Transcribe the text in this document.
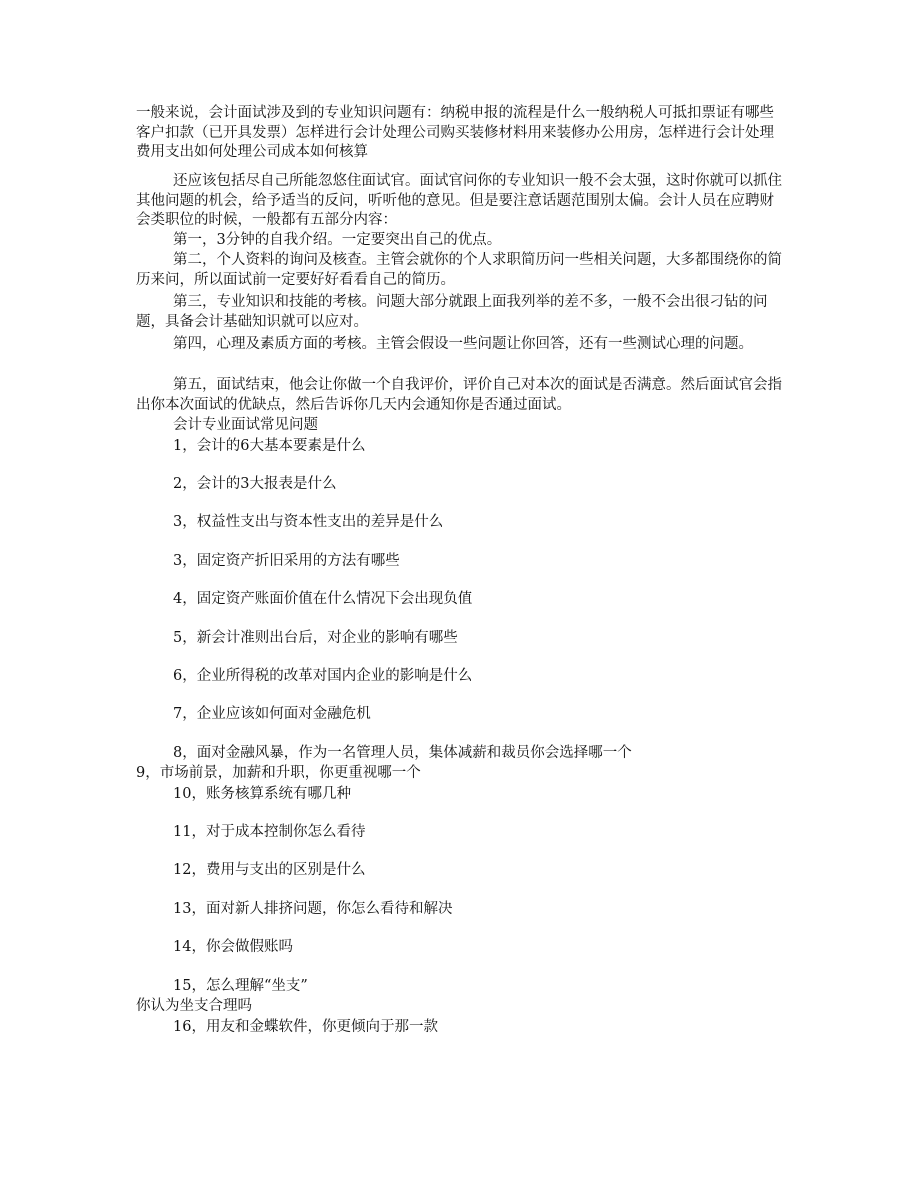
一般来说，会计面试涉及到的专业知识问题有：纳税申报的流程是什么一般纳税人可抵扣票证有哪些客户扣款（已开具发票）怎样进行会计处理公司购买装修材料用来装修办公用房，怎样进行会计处理费用支出如何处理公司成本如何核算
还应该包括尽自己所能忽悠住面试官。面试官问你的专业知识一般不会太强，这时你就可以抓住其他问题的机会，给予适当的反问，听听他的意见。但是要注意话题范围别太偏。会计人员在应聘财会类职位的时候，一般都有五部分内容：
第一，3分钟的自我介绍。一定要突出自己的优点。
第二，个人资料的询问及核查。主管会就你的个人求职简历问一些相关问题，大多都围绕你的简历来问，所以面试前一定要好好看看自己的简历。
第三，专业知识和技能的考核。问题大部分就跟上面我列举的差不多，一般不会出很刁钻的问题，具备会计基础知识就可以应对。
第四，心理及素质方面的考核。主管会假设一些问题让你回答，还有一些测试心理的问题。
第五，面试结束，他会让你做一个自我评价，评价自己对本次的面试是否满意。然后面试官会指出你本次面试的优缺点，然后告诉你几天内会通知你是否通过面试。
会计专业面试常见问题
1，会计的6大基本要素是什么
2，会计的3大报表是什么
3，权益性支出与资本性支出的差异是什么
3，固定资产折旧采用的方法有哪些
4，固定资产账面价值在什么情况下会出现负值
5，新会计准则出台后，对企业的影响有哪些
6，企业所得税的改革对国内企业的影响是什么
7，企业应该如何面对金融危机
8，面对金融风暴，作为一名管理人员，集体减薪和裁员你会选择哪一个
9，市场前景，加薪和升职，你更重视哪一个
10，账务核算系统有哪几种
11，对于成本控制你怎么看待
12，费用与支出的区别是什么
13，面对新人排挤问题，你怎么看待和解决
14，你会做假账吗
15，怎么理解“坐支”
你认为坐支合理吗
16，用友和金蝶软件，你更倾向于那一款
